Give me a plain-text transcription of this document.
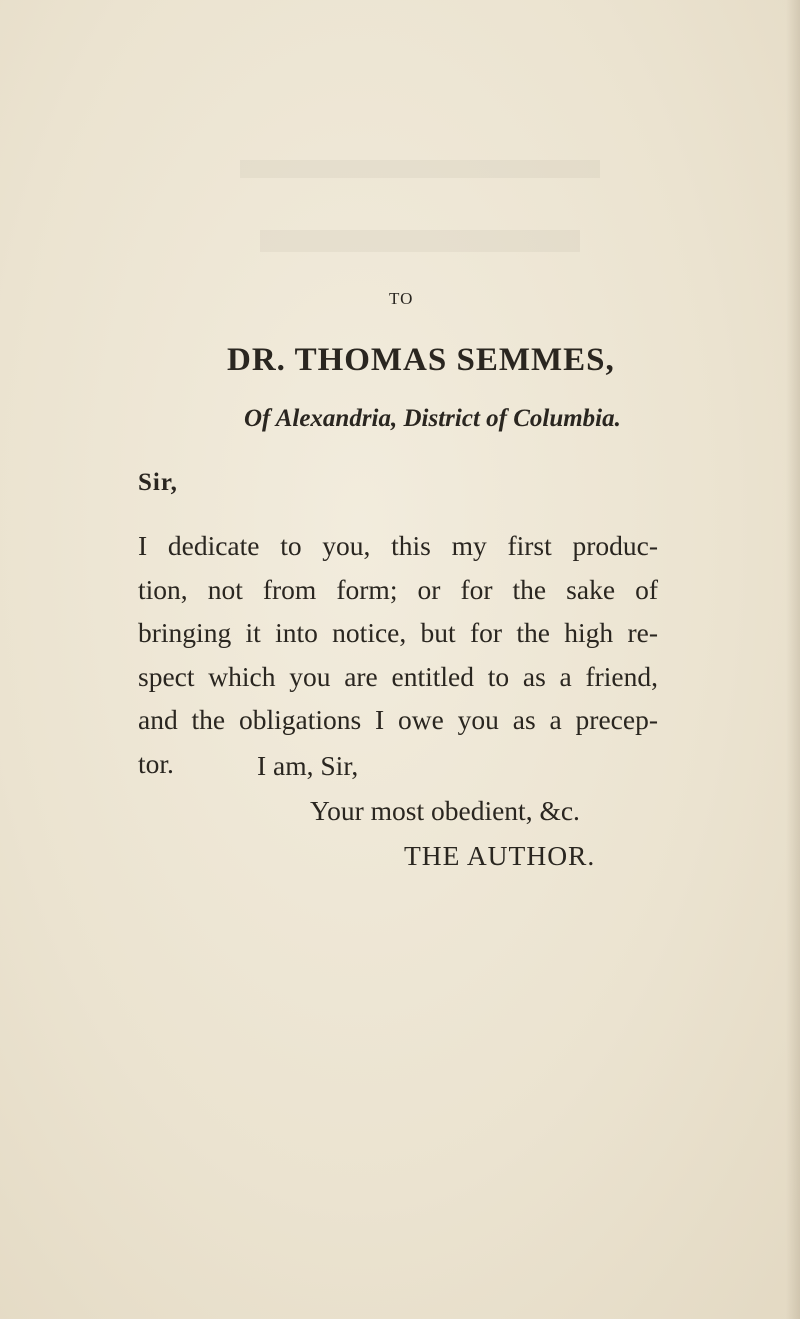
TO
DR. THOMAS SEMMES,
Of Alexandria, District of Columbia.
Sir,
I dedicate to you, this my first produc-
tion, not from form; or for the sake of
bringing it into notice, but for the high re-
spect which you are entitled to as a friend,
and the obligations I owe you as a precep-
tor.	I am, Sir,
Your most obedient, &c.
THE AUTHOR.
